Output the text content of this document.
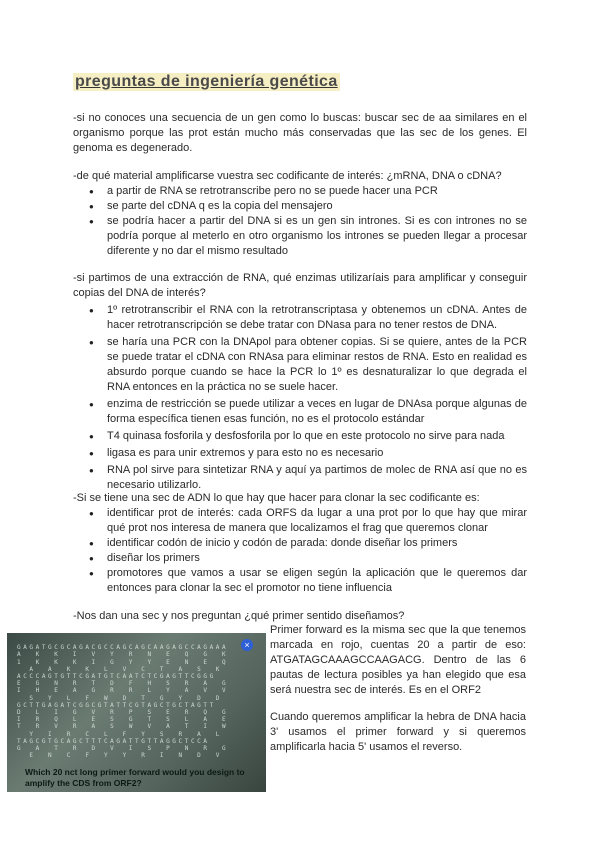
preguntas de ingeniería genética

-si no conoces una secuencia de un gen como lo buscas: buscar sec de aa similares en el organismo porque las prot están mucho más conservadas que las sec de los genes. El genoma es degenerado.

-de qué material amplificarse vuestra sec codificante de interés: ¿mRNA, DNA o cDNA?

● a partir de RNA se retrotranscribe pero no se puede hacer una PCR
● se parte del cDNA q es la copia del mensajero
● se podría hacer a partir del DNA si es un gen sin intrones. Si es con intrones no se podría porque al meterlo en otro organismo los intrones se pueden llegar a procesar diferente y no dar el mismo resultado

-si partimos de una extracción de RNA, qué enzimas utilizaríais para amplificar y conseguir copias del DNA de interés?

● 1º retrotranscribir el RNA con la retrotranscriptasa y obtenemos un cDNA. Antes de hacer retrotranscripción se debe tratar con DNasa para no tener restos de DNA.
● se haría una PCR con la DNApol para obtener copias. Si se quiere, antes de la PCR se puede tratar el cDNA con RNAsa para eliminar restos de RNA. Esto en realidad es absurdo porque cuando se hace la PCR lo 1º es desnaturalizar lo que degrada el RNA entonces en la práctica no se suele hacer.
● enzima de restricción se puede utilizar a veces en lugar de DNAsa porque algunas de forma específica tienen esas función, no es el protocolo estándar
● T4 quinasa fosforila y desfosforila por lo que en este protocolo no sirve para nada
● ligasa es para unir extremos y para esto no es necesario
● RNA pol sirve para sintetizar RNA y aquí ya partimos de molec de RNA así que no es necesario utilizarlo.

-Si se tiene una sec de ADN lo que hay que hacer para clonar la sec codificante es:

● identificar prot de interés: cada ORFS da lugar a una prot por lo que hay que mirar qué prot nos interesa de manera que localizamos el frag que queremos clonar
● identificar codón de inicio y codón de parada: donde diseñar los primers
● diseñar los primers
● promotores que vamos a usar se eligen según la aplicación que le queremos dar entonces para clonar la sec el promotor no tiene influencia

-Nos dan una sec y nos preguntan ¿qué primer sentido diseñamos?

GAGATGCGCAGACGCCAGCAGCAAGAGCCAGAAA
A  K  K  I  V  Y  R  N  E  Q  G  K
1  K  K  K  I  G  Y  Y  E  N  E  Q
A  A  K  K  L  V  C  T  A  S  K
ACCCAGTGTTCGATGTCAATCTCGAGTTCGGG
E  G  N  R  T  D  F  H  S  R  A  G
I  H  E  A  G  R  R  L  Y  A  V  V
S  Y  L  F  W  D  T  G  Y  D  D
GCTTGAGATCGGCGTATTCGTAGCTGCTAGTT
D  L  I  G  V  R  P  S  E  R  Q  G
I  R  Q  L  E  S  G  T  S  L  A  E
T  R  V  R  A  S  W  V  A  T  I  W
Y  I  R  C  L  F  Y  S  R  A  L
TAGCGTGCAGCTTTCAGATTGTTAGGCTCCA
G  A  T  R  D  V  I  S  P  N  R  G
E  N  C  F  Y  Y  R  I  N  D  V

×
Which 20 nct long primer forward would you design to amplify the CDS from ORF2?

Primer forward es la misma sec que la que tenemos marcada en rojo, cuentas 20 a partir de eso: ATGATAGCAAAGCCAAGACG. Dentro de las 6 pautas de lectura posibles ya han elegido que esa será nuestra sec de interés. Es en el ORF2

Cuando queremos amplificar la hebra de DNA hacia 3' usamos el primer forward y si queremos amplificarla hacia 5' usamos el reverso.
